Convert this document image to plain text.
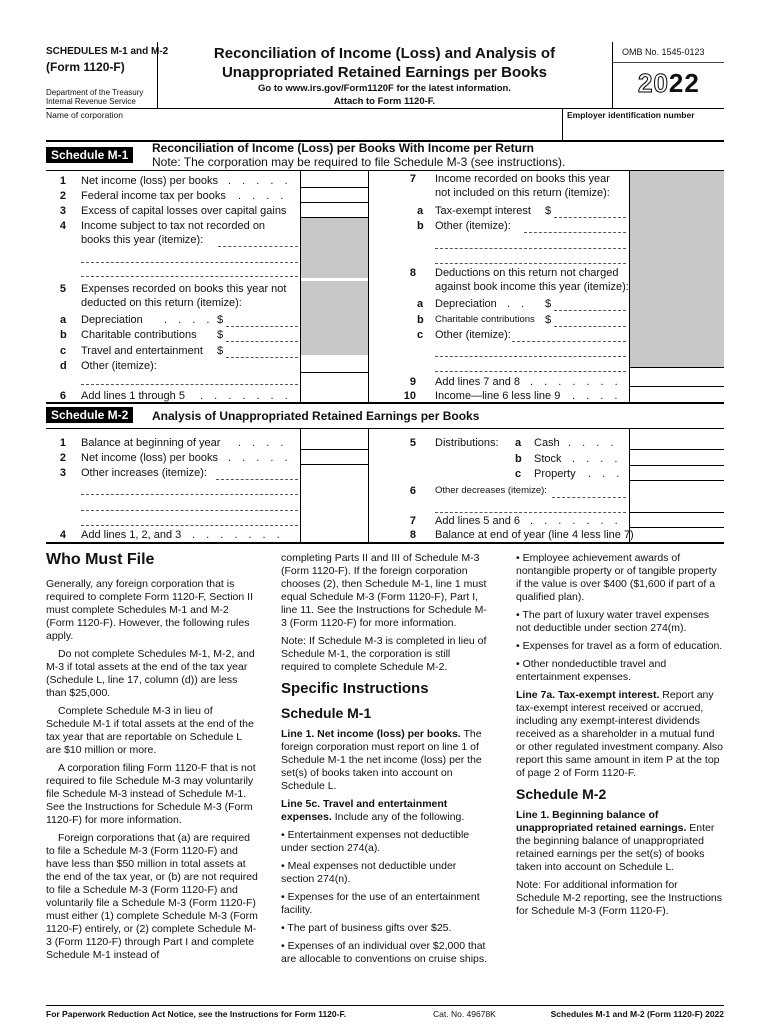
SCHEDULES M-1 and M-2
(Form 1120-F)
Department of the Treasury
Internal Revenue Service
Reconciliation of Income (Loss) and Analysis of
Unappropriated Retained Earnings per Books
Go to www.irs.gov/Form1120F for the latest information.
Attach to Form 1120-F.
OMB No. 1545-0123
2022
Name of corporation	Employer identification number
Schedule M-1	Reconciliation of Income (Loss) per Books With Income per Return
Note: The corporation may be required to file Schedule M-3 (see instructions).
1 Net income (loss) per books . . . . .
2 Federal income tax per books . . . .
3 Excess of capital losses over capital gains
4 Income subject to tax not recorded on
books this year (itemize):
5 Expenses recorded on books this year not
deducted on this return (itemize):
a Depreciation . . . . $
b Charitable contributions $
c Travel and entertainment $
d Other (itemize):
6 Add lines 1 through 5 . . . . . . .
7 Income recorded on books this year
not included on this return (itemize):
a Tax-exempt interest $
b Other (itemize):
8 Deductions on this return not charged
against book income this year (itemize):
a Depreciation . . $
b Charitable contributions $
c Other (itemize):
9 Add lines 7 and 8 . . . . . . .
10 Income—line 6 less line 9 . . . .
Schedule M-2	Analysis of Unappropriated Retained Earnings per Books
1 Balance at beginning of year . . . .
2 Net income (loss) per books . . . . .
3 Other increases (itemize):
4 Add lines 1, 2, and 3 . . . . . . .
5 Distributions: a Cash . . . .
b Stock . . . .
c Property . . .
6 Other decreases (itemize):
7 Add lines 5 and 6 . . . . . . .
8 Balance at end of year (line 4 less line 7)
Who Must File

Generally, any foreign corporation that is required to complete Form 1120-F, Section II must complete Schedules M-1 and M-2 (Form 1120-F). However, the following rules apply.

Do not complete Schedules M-1, M-2, and M-3 if total assets at the end of the tax year (Schedule L, line 17, column (d)) are less than $25,000.

Complete Schedule M-3 in lieu of Schedule M-1 if total assets at the end of the tax year that are reportable on Schedule L are $10 million or more.

A corporation filing Form 1120-F that is not required to file Schedule M-3 may voluntarily file Schedule M-3 instead of Schedule M-1. See the Instructions for Schedule M-3 (Form 1120-F) for more information.

Foreign corporations that (a) are required to file a Schedule M-3 (Form 1120-F) and have less than $50 million in total assets at the end of the tax year, or (b) are not required to file a Schedule M-3 (Form 1120-F) and voluntarily file a Schedule M-3 (Form 1120-F) must either (1) complete Schedule M-3 (Form 1120-F) entirely, or (2) complete Schedule M-3 (Form 1120-F) through Part I and complete Schedule M-1 instead of

completing Parts II and III of Schedule M-3 (Form 1120-F). If the foreign corporation chooses (2), then Schedule M-1, line 1 must equal Schedule M-3 (Form 1120-F), Part I, line 11. See the Instructions for Schedule M-3 (Form 1120-F) for more information.

Note: If Schedule M-3 is completed in lieu of Schedule M-1, the corporation is still required to complete Schedule M-2.

Specific Instructions
Schedule M-1

Line 1. Net income (loss) per books. The foreign corporation must report on line 1 of Schedule M-1 the net income (loss) per the set(s) of books taken into account on Schedule L.

Line 5c. Travel and entertainment expenses. Include any of the following.

• Entertainment expenses not deductible under section 274(a).

• Meal expenses not deductible under section 274(n).

• Expenses for the use of an entertainment facility.

• The part of business gifts over $25.

• Expenses of an individual over $2,000 that are allocable to conventions on cruise ships.

• Employee achievement awards of nontangible property or of tangible property if the value is over $400 ($1,600 if part of a qualified plan).

• The part of luxury water travel expenses not deductible under section 274(m).

• Expenses for travel as a form of education.

• Other nondeductible travel and entertainment expenses.

Line 7a. Tax-exempt interest. Report any tax-exempt interest received or accrued, including any exempt-interest dividends received as a shareholder in a mutual fund or other regulated investment company. Also report this same amount in item P at the top of page 2 of Form 1120-F.

Schedule M-2

Line 1. Beginning balance of unappropriated retained earnings. Enter the beginning balance of unappropriated retained earnings per the set(s) of books taken into account on Schedule L.

Note: For additional information for Schedule M-2 reporting, see the Instructions for Schedule M-3 (Form 1120-F).

For Paperwork Reduction Act Notice, see the Instructions for Form 1120-F.	Cat. No. 49678K	Schedules M-1 and M-2 (Form 1120-F) 2022
